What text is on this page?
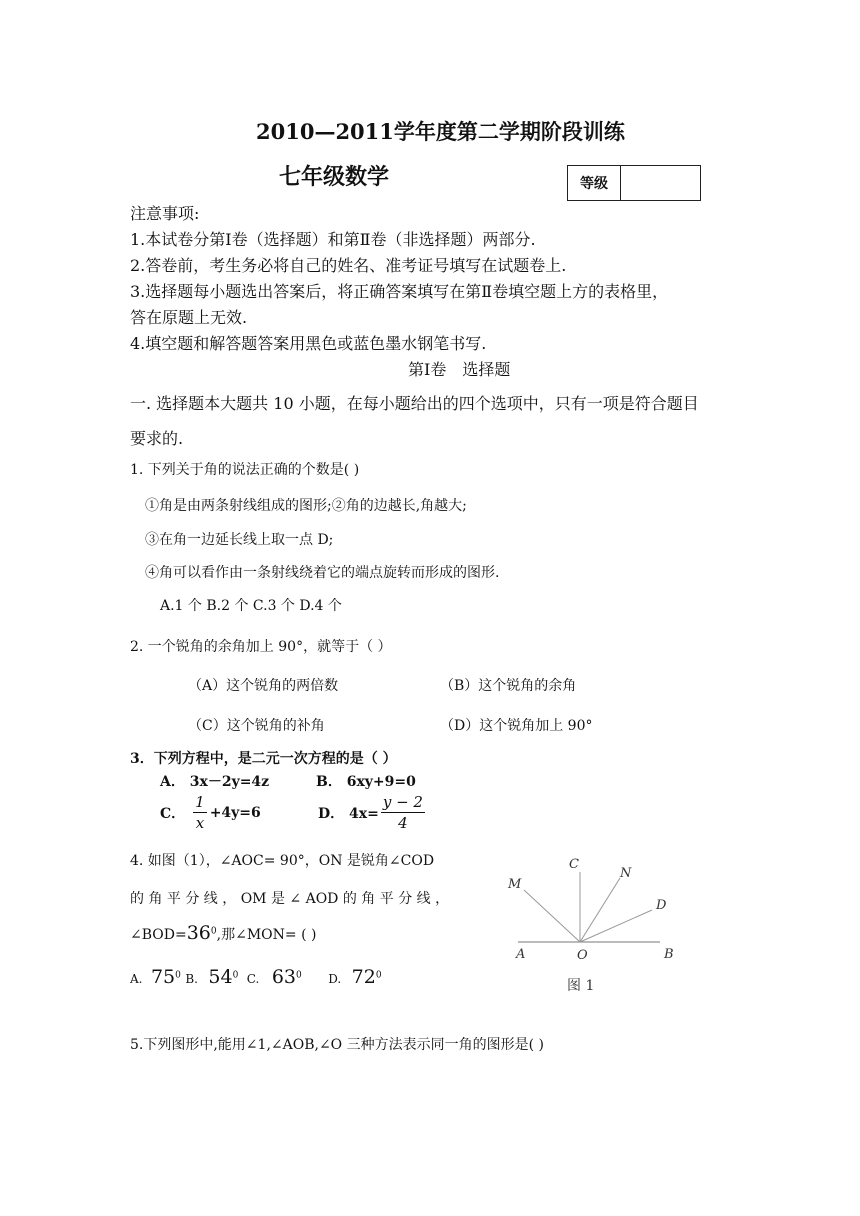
2010—2011学年度第二学期阶段训练
七年级数学	等级
注意事项:
1.本试卷分第Ⅰ卷（选择题）和第Ⅱ卷（非选择题）两部分.
2.答卷前，考生务必将自己的姓名、准考证号填写在试题卷上.
3.选择题每小题选出答案后，将正确答案填写在第Ⅱ卷填空题上方的表格里，
答在原题上无效.
4.填空题和解答题答案用黑色或蓝色墨水钢笔书写.
第Ⅰ卷　选择题
一. 选择题本大题共 10 小题，在每小题给出的四个选项中，只有一项是符合题目
要求的.
1. 下列关于角的说法正确的个数是( )
①角是由两条射线组成的图形;②角的边越长,角越大;
③在角一边延长线上取一点 D;
④角可以看作由一条射线绕着它的端点旋转而形成的图形.
A.1 个 B.2 个 C.3 个 D.4 个
2. 一个锐角的余角加上 90°，就等于（ ）
（A）这个锐角的两倍数	（B）这个锐角的余角
（C）这个锐角的补角	（D）这个锐角加上 90°
3．下列方程中，是二元一次方程的是（ ）
A． 3x－2y=4z	B． 6xy+9=0
C． $\frac{1}{x} +4y=6$	D． $4x= \frac{y - 2}{4}$
4. 如图（1），∠AOC= 90°，ON 是锐角∠COD
的 角 平 分 线 ， OM 是 ∠ AOD 的 角 平 分 线 ，
$\angle BOD=36^0$,那∠MON= ( )
A. $75^0$ B. $54^0$ C. $63^0$ D. $72^0$
C
N
M
D
A	O	B
图 1
5.下列图形中,能用∠1,∠AOB,∠O 三种方法表示同一角的图形是( )
